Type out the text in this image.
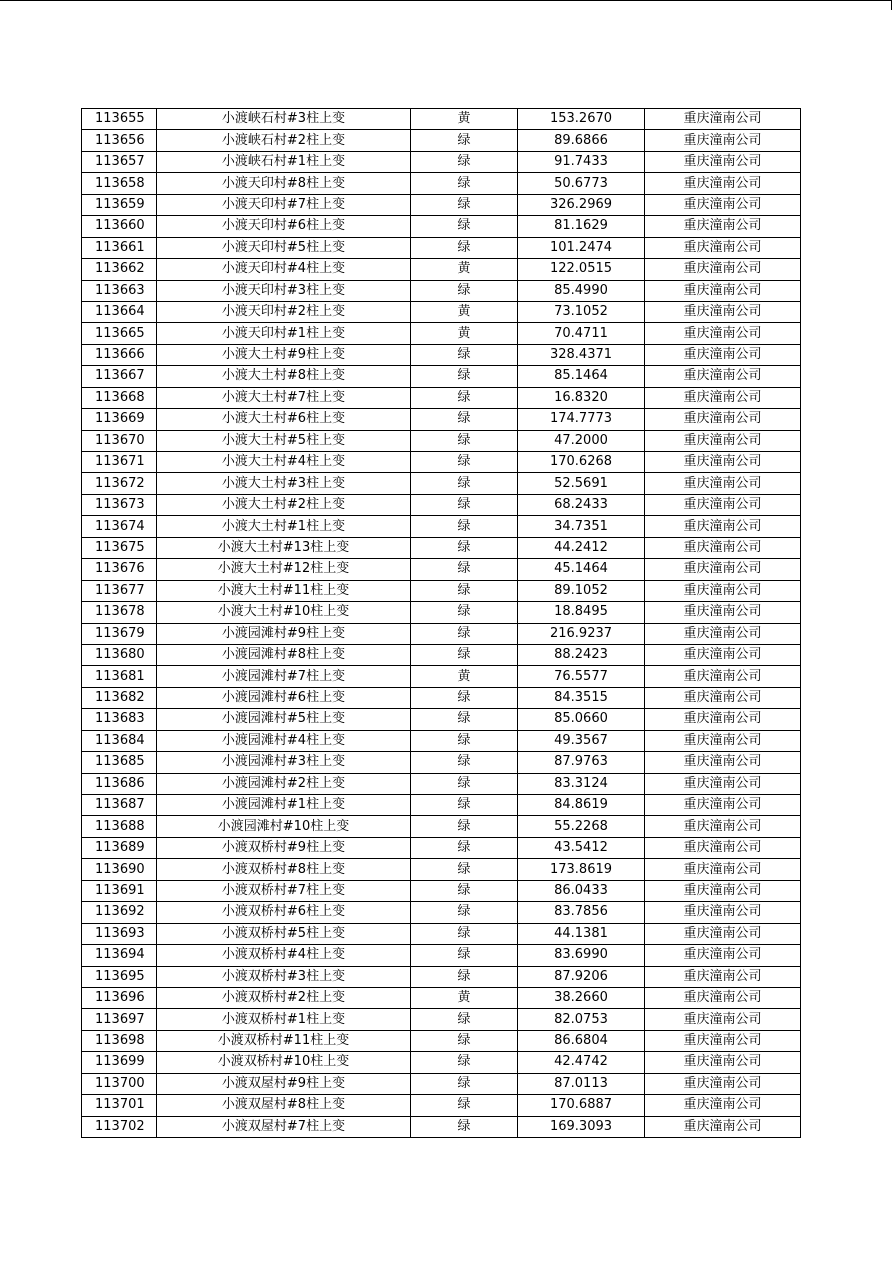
113655	小渡峡石村#3柱上变	黄	153.2670	重庆潼南公司
113656	小渡峡石村#2柱上变	绿	89.6866	重庆潼南公司
113657	小渡峡石村#1柱上变	绿	91.7433	重庆潼南公司
113658	小渡天印村#8柱上变	绿	50.6773	重庆潼南公司
113659	小渡天印村#7柱上变	绿	326.2969	重庆潼南公司
113660	小渡天印村#6柱上变	绿	81.1629	重庆潼南公司
113661	小渡天印村#5柱上变	绿	101.2474	重庆潼南公司
113662	小渡天印村#4柱上变	黄	122.0515	重庆潼南公司
113663	小渡天印村#3柱上变	绿	85.4990	重庆潼南公司
113664	小渡天印村#2柱上变	黄	73.1052	重庆潼南公司
113665	小渡天印村#1柱上变	黄	70.4711	重庆潼南公司
113666	小渡大土村#9柱上变	绿	328.4371	重庆潼南公司
113667	小渡大土村#8柱上变	绿	85.1464	重庆潼南公司
113668	小渡大土村#7柱上变	绿	16.8320	重庆潼南公司
113669	小渡大土村#6柱上变	绿	174.7773	重庆潼南公司
113670	小渡大土村#5柱上变	绿	47.2000	重庆潼南公司
113671	小渡大土村#4柱上变	绿	170.6268	重庆潼南公司
113672	小渡大土村#3柱上变	绿	52.5691	重庆潼南公司
113673	小渡大土村#2柱上变	绿	68.2433	重庆潼南公司
113674	小渡大土村#1柱上变	绿	34.7351	重庆潼南公司
113675	小渡大土村#13柱上变	绿	44.2412	重庆潼南公司
113676	小渡大土村#12柱上变	绿	45.1464	重庆潼南公司
113677	小渡大土村#11柱上变	绿	89.1052	重庆潼南公司
113678	小渡大土村#10柱上变	绿	18.8495	重庆潼南公司
113679	小渡园滩村#9柱上变	绿	216.9237	重庆潼南公司
113680	小渡园滩村#8柱上变	绿	88.2423	重庆潼南公司
113681	小渡园滩村#7柱上变	黄	76.5577	重庆潼南公司
113682	小渡园滩村#6柱上变	绿	84.3515	重庆潼南公司
113683	小渡园滩村#5柱上变	绿	85.0660	重庆潼南公司
113684	小渡园滩村#4柱上变	绿	49.3567	重庆潼南公司
113685	小渡园滩村#3柱上变	绿	87.9763	重庆潼南公司
113686	小渡园滩村#2柱上变	绿	83.3124	重庆潼南公司
113687	小渡园滩村#1柱上变	绿	84.8619	重庆潼南公司
113688	小渡园滩村#10柱上变	绿	55.2268	重庆潼南公司
113689	小渡双桥村#9柱上变	绿	43.5412	重庆潼南公司
113690	小渡双桥村#8柱上变	绿	173.8619	重庆潼南公司
113691	小渡双桥村#7柱上变	绿	86.0433	重庆潼南公司
113692	小渡双桥村#6柱上变	绿	83.7856	重庆潼南公司
113693	小渡双桥村#5柱上变	绿	44.1381	重庆潼南公司
113694	小渡双桥村#4柱上变	绿	83.6990	重庆潼南公司
113695	小渡双桥村#3柱上变	绿	87.9206	重庆潼南公司
113696	小渡双桥村#2柱上变	黄	38.2660	重庆潼南公司
113697	小渡双桥村#1柱上变	绿	82.0753	重庆潼南公司
113698	小渡双桥村#11柱上变	绿	86.6804	重庆潼南公司
113699	小渡双桥村#10柱上变	绿	42.4742	重庆潼南公司
113700	小渡双屋村#9柱上变	绿	87.0113	重庆潼南公司
113701	小渡双屋村#8柱上变	绿	170.6887	重庆潼南公司
113702	小渡双屋村#7柱上变	绿	169.3093	重庆潼南公司
